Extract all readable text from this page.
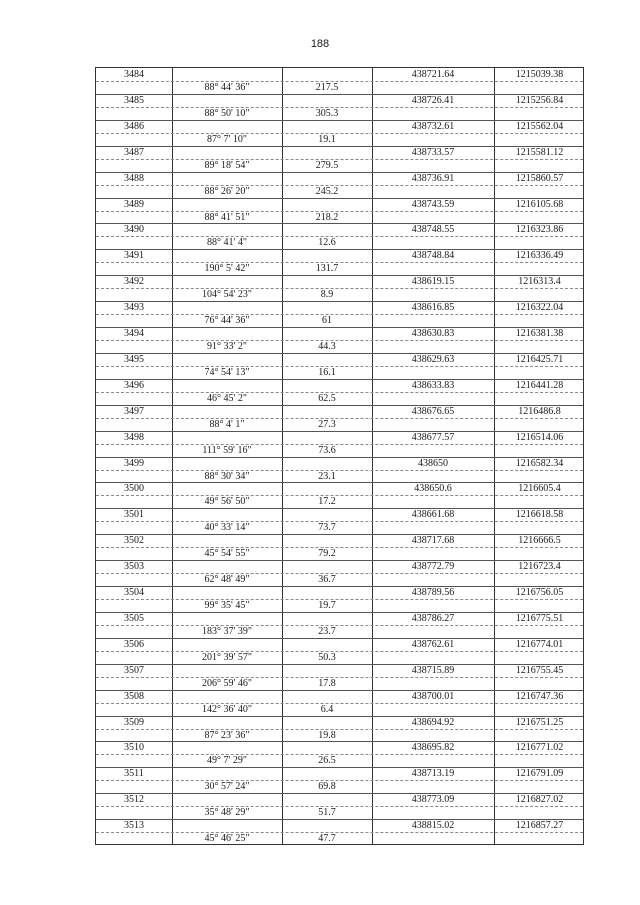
188
3484	438721.64	1215039.38
88° 44' 36"	217.5
3485	438726.41	1215256.84
88° 50' 10"	305.3
3486	438732.61	1215562.04
87° 7' 10"	19.1
3487	438733.57	1215581.12
89° 18' 54"	279.5
3488	438736.91	1215860.57
88° 26' 20"	245.2
3489	438743.59	1216105.68
88° 41' 51"	218.2
3490	438748.55	1216323.86
88° 41' 4"	12.6
3491	438748.84	1216336.49
190° 5' 42"	131.7
3492	438619.15	1216313.4
104° 54' 23"	8.9
3493	438616.85	1216322.04
76° 44' 36"	61
3494	438630.83	1216381.38
91° 33' 2"	44.3
3495	438629.63	1216425.71
74° 54' 13"	16.1
3496	438633.83	1216441.28
46° 45' 2"	62.5
3497	438676.65	1216486.8
88° 4' 1"	27.3
3498	438677.57	1216514.06
111° 59' 16"	73.6
3499	438650	1216582.34
88° 30' 34"	23.1
3500	438650.6	1216605.4
49° 56' 50"	17.2
3501	438661.68	1216618.58
40° 33' 14"	73.7
3502	438717.68	1216666.5
45° 54' 55"	79.2
3503	438772.79	1216723.4
62° 48' 49"	36.7
3504	438789.56	1216756.05
99° 35' 45"	19.7
3505	438786.27	1216775.51
183° 37' 39"	23.7
3506	438762.61	1216774.01
201° 39' 57"	50.3
3507	438715.89	1216755.45
206° 59' 46"	17.8
3508	438700.01	1216747.36
142° 36' 40"	6.4
3509	438694.92	1216751.25
87° 23' 36"	19.8
3510	438695.82	1216771.02
49° 7' 29"	26.5
3511	438713.19	1216791.09
30° 57' 24"	69.8
3512	438773.09	1216827.02
35° 48' 29"	51.7
3513	438815.02	1216857.27
45° 46' 25"	47.7
